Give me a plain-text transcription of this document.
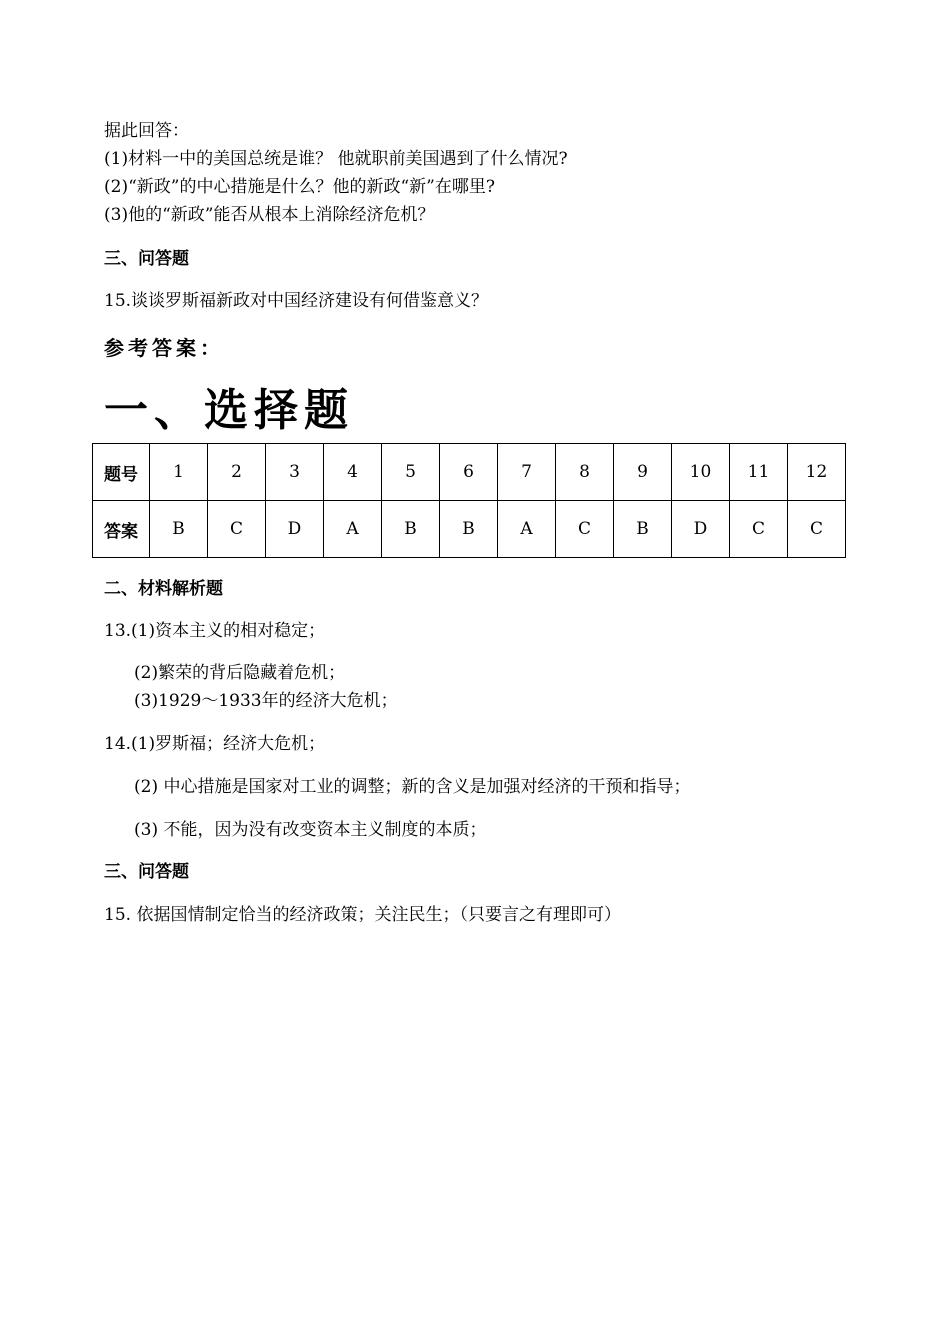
据此回答：
(1)材料一中的美国总统是谁？ 他就职前美国遇到了什么情况?
(2)“新政”的中心措施是什么？他的新政“新”在哪里?
(3)他的“新政”能否从根本上消除经济危机？
三、问答题
15.谈谈罗斯福新政对中国经济建设有何借鉴意义？
参考答案：
一、选择题
题号	1	2	3	4	5	6	7	8	9	10	11	12
答案	B	C	D	A	B	B	A	C	B	D	C	C
二、材料解析题
13.(1)资本主义的相对稳定；
(2)繁荣的背后隐藏着危机；
(3)1929～1933年的经济大危机；
14.(1)罗斯福；经济大危机；
(2) 中心措施是国家对工业的调整；新的含义是加强对经济的干预和指导；
(3) 不能，因为没有改变资本主义制度的本质；
三、问答题
15. 依据国情制定恰当的经济政策；关注民生；（只要言之有理即可）
